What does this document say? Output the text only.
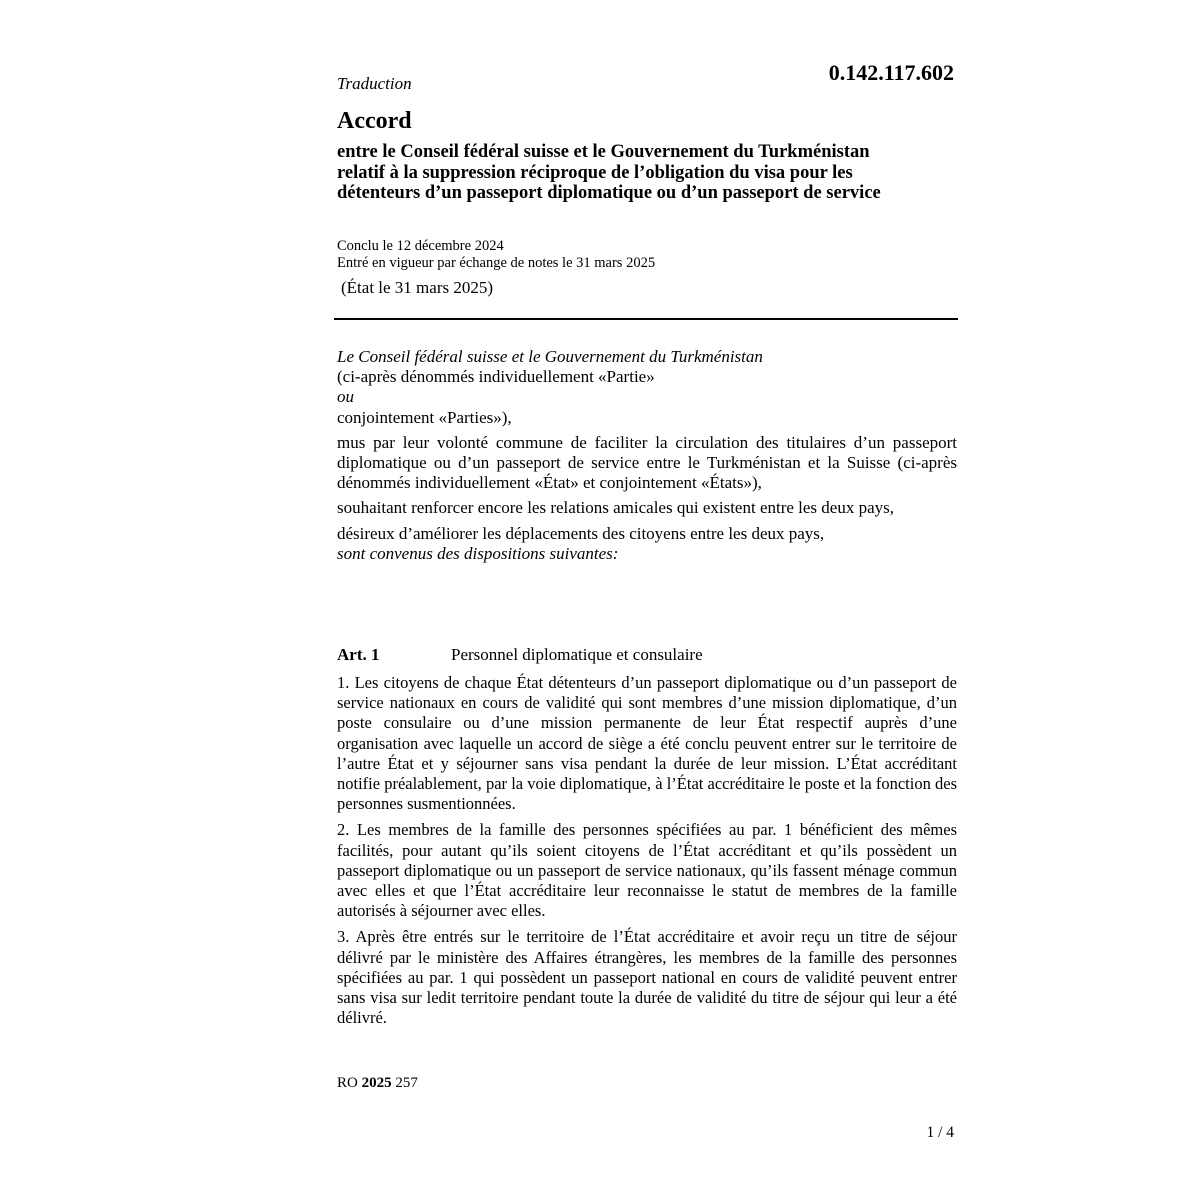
Traduction	0.142.117.602
Accord
entre le Conseil fédéral suisse et le Gouvernement du Turkménistan
relatif à la suppression réciproque de l’obligation du visa pour les
détenteurs d’un passeport diplomatique ou d’un passeport de service
Conclu le 12 décembre 2024
Entré en vigueur par échange de notes le 31 mars 2025
(État le 31 mars 2025)

Le Conseil fédéral suisse et le Gouvernement du Turkménistan

(ci-après dénommés individuellement «Partie»

ou

conjointement «Parties»),

mus par leur volonté commune de faciliter la circulation des titulaires d’un passeport diplomatique ou d’un passeport de service entre le Turkménistan et la Suisse (ci-après dénommés individuellement «État» et conjointement «États»),

souhaitant renforcer encore les relations amicales qui existent entre les deux pays,

désireux d’améliorer les déplacements des citoyens entre les deux pays,

sont convenus des dispositions suivantes:

Art. 1	Personnel diplomatique et consulaire

1. Les citoyens de chaque État détenteurs d’un passeport diplomatique ou d’un passeport de service nationaux en cours de validité qui sont membres d’une mission diplomatique, d’un poste consulaire ou d’une mission permanente de leur État respectif auprès d’une organisation avec laquelle un accord de siège a été conclu peuvent entrer sur le territoire de l’autre État et y séjourner sans visa pendant la durée de leur mission. L’État accréditant notifie préalablement, par la voie diplomatique, à l’État accréditaire le poste et la fonction des personnes susmentionnées.

2. Les membres de la famille des personnes spécifiées au par. 1 bénéficient des mêmes facilités, pour autant qu’ils soient citoyens de l’État accréditant et qu’ils possèdent un passeport diplomatique ou un passeport de service nationaux, qu’ils fassent ménage commun avec elles et que l’État accréditaire leur reconnaisse le statut de membres de la famille autorisés à séjourner avec elles.

3. Après être entrés sur le territoire de l’État accréditaire et avoir reçu un titre de séjour délivré par le ministère des Affaires étrangères, les membres de la famille des personnes spécifiées au par. 1 qui possèdent un passeport national en cours de validité peuvent entrer sans visa sur ledit territoire pendant toute la durée de validité du titre de séjour qui leur a été délivré.

RO 2025 257
1 / 4
